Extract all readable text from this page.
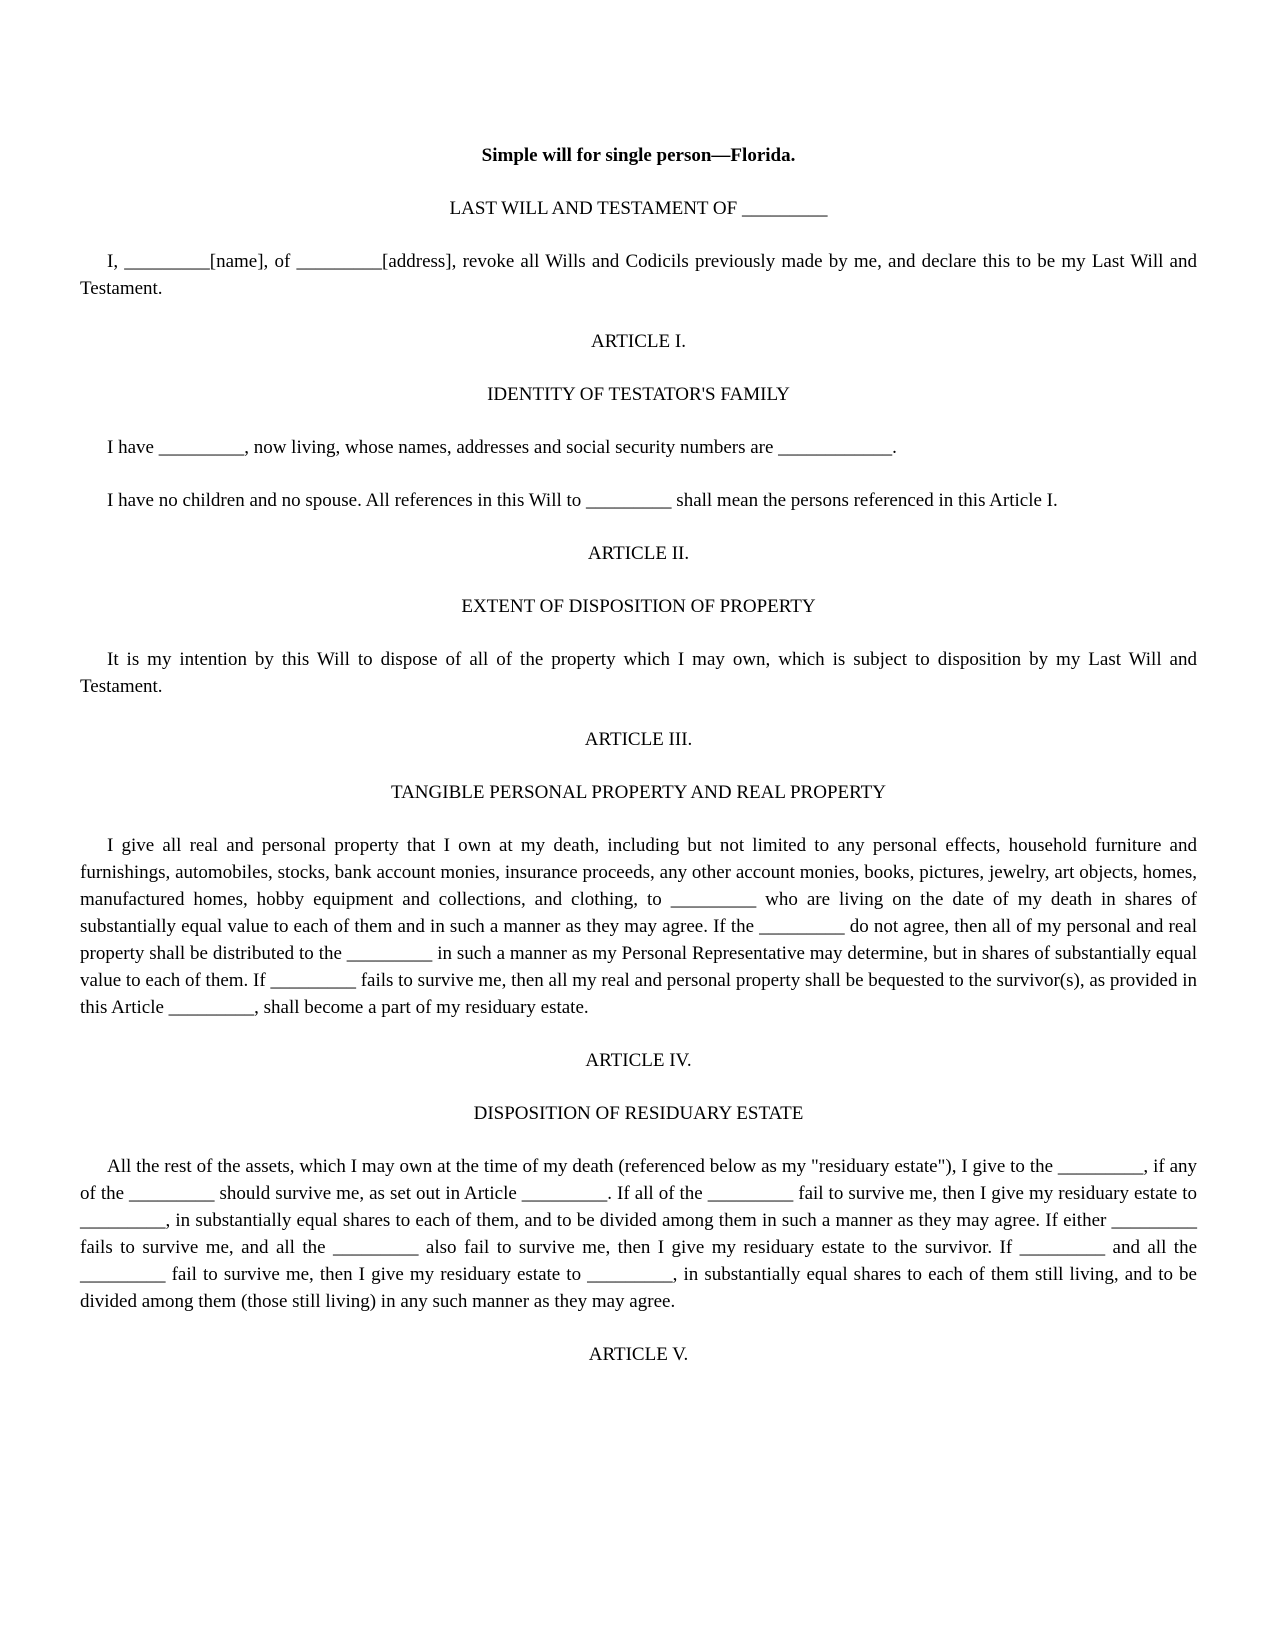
Simple will for single person—Florida.

LAST WILL AND TESTAMENT OF _________

I, _________[name], of _________[address], revoke all Wills and Codicils previously made by me, and declare this to be my Last Will and Testament.

ARTICLE I.

IDENTITY OF TESTATOR'S FAMILY

I have _________, now living, whose names, addresses and social security numbers are ____________.

I have no children and no spouse. All references in this Will to _________ shall mean the persons referenced in this Article I.

ARTICLE II.

EXTENT OF DISPOSITION OF PROPERTY

It is my intention by this Will to dispose of all of the property which I may own, which is subject to disposition by my Last Will and Testament.

ARTICLE III.

TANGIBLE PERSONAL PROPERTY AND REAL PROPERTY

I give all real and personal property that I own at my death, including but not limited to any personal effects, household furniture and furnishings, automobiles, stocks, bank account monies, insurance proceeds, any other account monies, books, pictures, jewelry, art objects, homes, manufactured homes, hobby equipment and collections, and clothing, to _________ who are living on the date of my death in shares of substantially equal value to each of them and in such a manner as they may agree. If the _________ do not agree, then all of my personal and real property shall be distributed to the _________ in such a manner as my Personal Representative may determine, but in shares of substantially equal value to each of them. If _________ fails to survive me, then all my real and personal property shall be bequested to the survivor(s), as provided in this Article _________, shall become a part of my residuary estate.

ARTICLE IV.

DISPOSITION OF RESIDUARY ESTATE

All the rest of the assets, which I may own at the time of my death (referenced below as my "residuary estate"), I give to the _________, if any of the _________ should survive me, as set out in Article _________. If all of the _________ fail to survive me, then I give my residuary estate to _________, in substantially equal shares to each of them, and to be divided among them in such a manner as they may agree. If either _________ fails to survive me, and all the _________ also fail to survive me, then I give my residuary estate to the survivor. If _________ and all the _________ fail to survive me, then I give my residuary estate to _________, in substantially equal shares to each of them still living, and to be divided among them (those still living) in any such manner as they may agree.

ARTICLE V.
